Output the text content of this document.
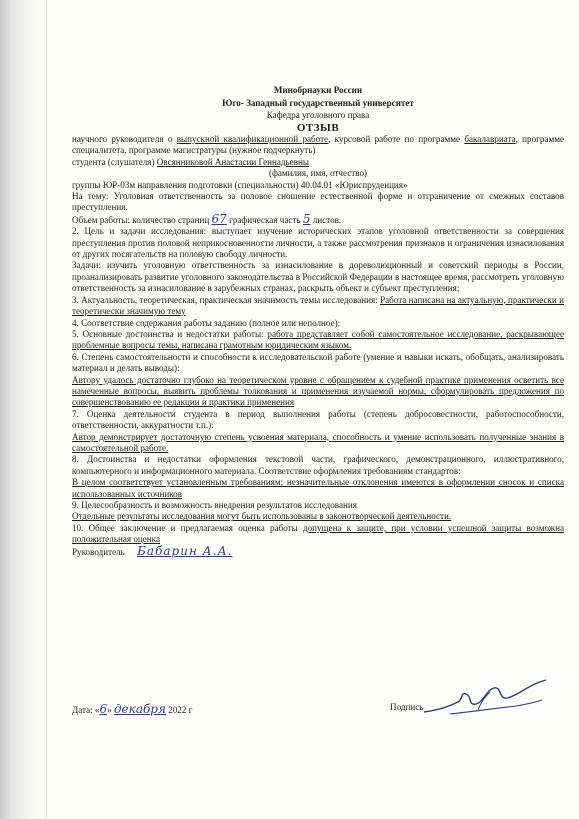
Минобрнауки России
Юго- Западный государственный университет
Кафедра уголовного права
ОТЗЫВ

научного руководителя о выпускной квалификационной работе, курсовой работе по программе бакалавриата, программе специалитета, программе магистратуры (нужное подчеркнуть)

студента (слушателя) Овсянниковой Анастасии Геннадьевны

(фамилия, имя, отчество)

группы ЮР-03м направления подготовки (специальности) 40.04.01 «Юриспруденция»

На тему: Уголовная ответственность за половое сношение естественной форме и отграничение от смежных составов преступления.

Объем работы: количество страниц 67 графическая часть 5 листов.

2. Цель и задачи исследования: выступает изучение исторических этапов уголовной ответственности за совершения преступления против половой неприкосновенности личности, а также рассмотрения признаков и ограничения изнасилования от других посягательств на половую свободу личности.

Задачи: изучить уголовную ответственность за изнасилование в дореволюционный и советский периоды в России, проанализировать развитие уголовного законодательства в Российской Федерации в настоящее время, рассмотреть уголовную ответственность за изнасилование в зарубежных странах, раскрыть объект и субъект преступления;

3. Актуальность, теоретическая, практическая значимость темы исследования: Работа написана на актуальную, практически и теоретически значимую тему

4. Соответствие содержания работы заданию (полное или неполное):

5. Основные достоинства и недостатки работы: работа представляет собой самостоятельное исследование, раскрывающее проблемные вопросы темы, написана грамотным юридическим языком.

6. Степень самостоятельности и способности к исследовательской работе (умение и навыки искать, обобщать, анализировать материал и делать выводы):

Автору удалось достаточно глубоко на теоретическом уровне с обращением к судебной практике применения осветить все намеченные вопросы, выявить проблемы толкования и применения изучаемой нормы, сформулировать предложения по совершенствованию ее редакции и практики применения

7. Оценка деятельности студента в период выполнения работы (степень добросовестности, работоспособности, ответственности, аккуратности т.п.):

Автор демонстрирует достаточную степень усвоения материала, способность и умение использовать полученные знания в самостоятельной работе.

8. Достоинства и недостатки оформления текстовой части, графического, демонстрационного, иллюстративного, компьютерного и информационного материала. Соответствие оформления требованиям стандартов:

В целом соответствует установленным требованиям; незначительные отклонения имеются в оформлении сносок и списка использованных источников

9. Целесообразность и возможность внедрения результатов исследования

Отдельные результаты исследования могут быть использованы в законотворческой деятельности.

10. Общее заключение и предлагаемая оценка работы допущена к защите, при условии успешной защиты возможна положительная оценка

Руководитель Бабарин А.А.
Дата: «6» декабря 2022 г	Подпись
